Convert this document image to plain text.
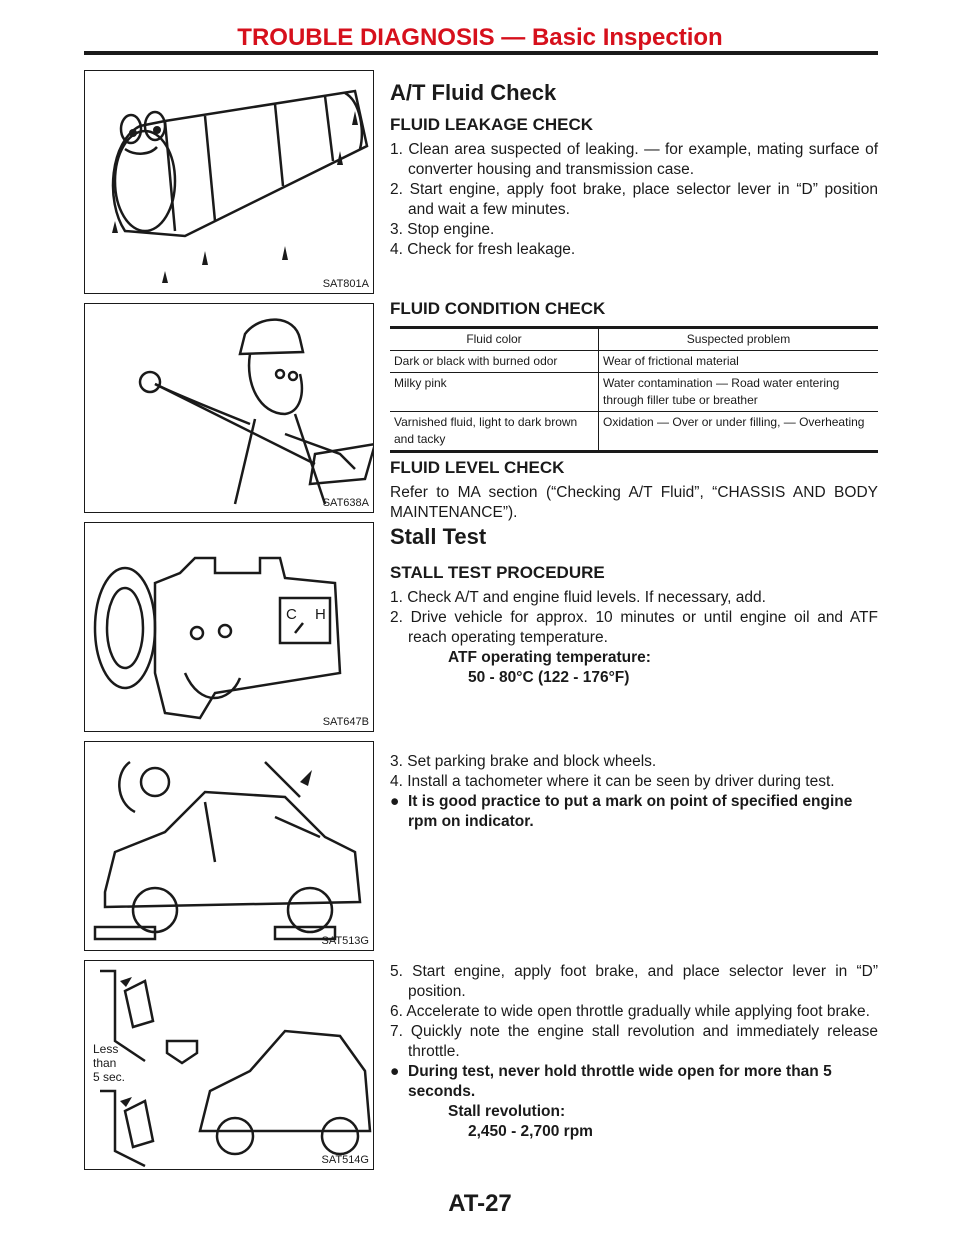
TROUBLE DIAGNOSIS — Basic Inspection
SAT801A
SAT638A
C H
SAT647B
SAT513G
Less
than
5 sec.
SAT514G
A/T Fluid Check
FLUID LEAKAGE CHECK
1. Clean area suspected of leaking. — for example, mating surface of converter housing and transmission case.
2. Start engine, apply foot brake, place selector lever in “D” position and wait a few minutes.
3. Stop engine.
4. Check for fresh leakage.
FLUID CONDITION CHECK
Fluid color	Suspected problem
Dark or black with burned odor	Wear of frictional material
Milky pink	Water contamination — Road water entering through filler tube or breather
Varnished fluid, light to dark brown and tacky	Oxidation — Over or under filling, — Overheating
FLUID LEVEL CHECK

Refer to MA section (“Checking A/T Fluid”, “CHASSIS AND BODY MAINTENANCE”).

Stall Test
STALL TEST PROCEDURE
1. Check A/T and engine fluid levels. If necessary, add.
2. Drive vehicle for approx. 10 minutes or until engine oil and ATF reach operating temperature.
ATF operating temperature:
50 - 80°C (122 - 176°F)
3. Set parking brake and block wheels.
4. Install a tachometer where it can be seen by driver during test.
● It is good practice to put a mark on point of specified engine rpm on indicator.
5. Start engine, apply foot brake, and place selector lever in “D” position.
6. Accelerate to wide open throttle gradually while applying foot brake.
7. Quickly note the engine stall revolution and immediately release throttle.
● During test, never hold throttle wide open for more than 5 seconds.
Stall revolution:
2,450 - 2,700 rpm
AT-27
